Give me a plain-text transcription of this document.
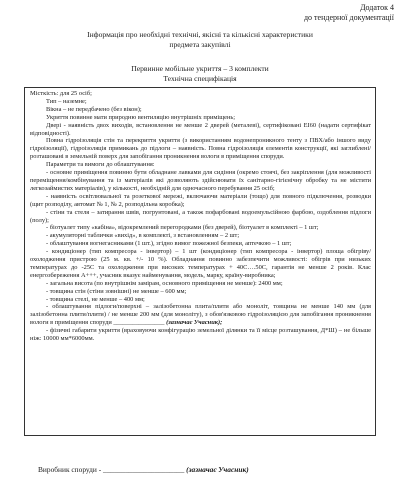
Додаток 4
до тендерної документації
Інформація про необхідні технічні, якісні та кількісні характеристики
предмета закупівлі
Первинне мобільне укриття – 3 комплекти
Технічна специфікація

Місткість: для 25 осіб;

Тип – наземне;

Вікна – не передбачено (без вікон);

Укриття повинне мати природню вентиляцію внутрішніх приміщень;

Двері - наявність двох виходів, встановлення не менше 2 дверей (металеві), сертифіковані ЕІ60 (надати сертифікат відповідності).

Повна гідроізоляція стін та перекриття укриття (з використанням водонепроникного тенту з ПВХ/або іншого виду гідроізоляції), гідроізоляція примикань до підлоги – наявність. Повна гідроізоляція елементів конструкції, які заглиблені/розташовані в земельній поверх для запобігання проникнення вологи в приміщення споруди.

Параметри та вимоги до облаштування:

- основне приміщення повинно бути обладнане лавками для сидіння (окремо стоячі, без закріплення (для можливості переміщення/комбінування та із матеріалів які дозволяють здійснювати їх санітарно-гігієнічну обробку та не містити легкозаймистих матеріалів), у кількості, необхідній для одночасного перебування 25 осіб;

- наявність освітлювальної та розеткової мережі, включаючи матеріали (тощо) для повного підключення, розводки (щит розподілу, автомат № 1, № 2, розподільна коробка);

- стіни та стеля – затирання швів, погрунтовані, а також пофарбовані водоемульсійною фарбою, оздоблення підлоги (полу);

- біотуалет типу «кабіна», відокремлений перегородками (без дверей), біотуалет в комплекті – 1 шт;

- акумуляторні таблички «вихід», в комплекті, з встановленням – 2 шт;

- облаштування вогнегасниками (1 шт.), згідно вимог пожежної безпеки, аптечкою – 1 шт;

- кондиціонер (тип компресора - інвертор) – 1 шт (кондиціонер (тип компресора - інвертор) площа обігріву/охолодження пристрою (25 м. кв. +/- 10 %). Обладнання повинно забезпечити можливості: обігрів при низьких температурах до -25С та охолодження при високих температурах + 40С….50С, гарантія не менше 2 років. Клас енергозбереження А+++, учасник вказує найменування, модель, марку, країну-виробника;

- загальна висота (по внутрішнім замірам, основного приміщення не менше): 2400 мм;

- товщина стін (стіни зовнішні) не менше – 600 мм;

- товщина стелі, не менше – 400 мм;

- облаштування підлоги/поверхні – залізобетонна плита/плити або моноліт, товщина не менше 140 мм (для залізобетонна плити/плити) / не менше 200 мм (для моноліту), з обов'язковою гідроізоляцією для запобігання проникнення вологи в приміщення споруди ________________ (зазначає Учасник);

- фізичні габарити укриття (враховуючи конфігурацію земельної ділянки та її місце розташування, Д*Ш) – не більше ніж: 10000 мм*6000мм.

Виробник споруди - ______________________ (зазначає Учасник)
